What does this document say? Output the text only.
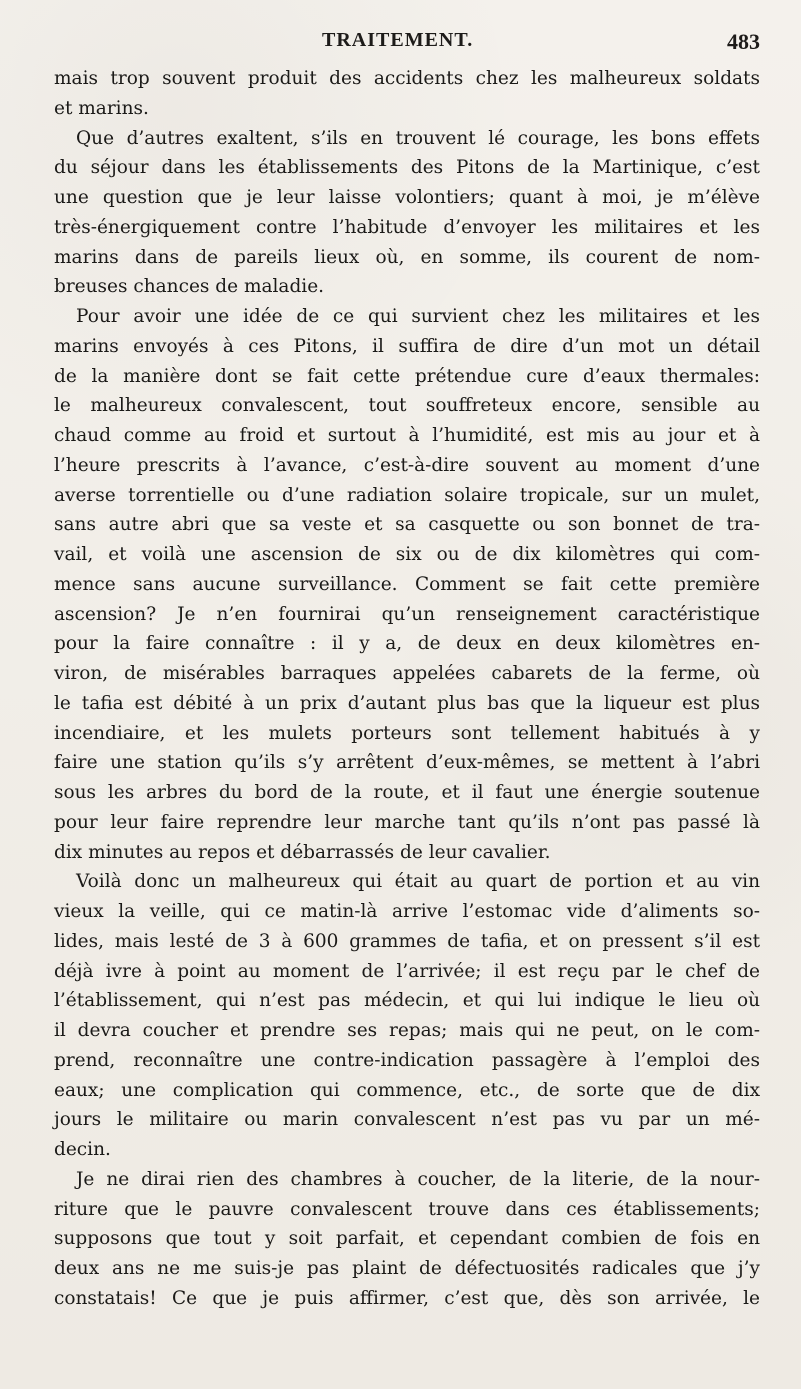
TRAITEMENT.	483
mais trop souvent produit des accidents chez les malheureux soldats
et marins.
Que d’autres exaltent, s’ils en trouvent lé courage, les bons effets
du séjour dans les établissements des Pitons de la Martinique, c’est
une question que je leur laisse volontiers; quant à moi, je m’élève
très-énergiquement contre l’habitude d’envoyer les militaires et les
marins dans de pareils lieux où, en somme, ils courent de nom-
breuses chances de maladie.
Pour avoir une idée de ce qui survient chez les militaires et les
marins envoyés à ces Pitons, il suffira de dire d’un mot un détail
de la manière dont se fait cette prétendue cure d’eaux thermales:
le malheureux convalescent, tout souffreteux encore, sensible au
chaud comme au froid et surtout à l’humidité, est mis au jour et à
l’heure prescrits à l’avance, c’est-à-dire souvent au moment d’une
averse torrentielle ou d’une radiation solaire tropicale, sur un mulet,
sans autre abri que sa veste et sa casquette ou son bonnet de tra-
vail, et voilà une ascension de six ou de dix kilomètres qui com-
mence sans aucune surveillance. Comment se fait cette première
ascension? Je n’en fournirai qu’un renseignement caractéristique
pour la faire connaître : il y a, de deux en deux kilomètres en-
viron, de misérables barraques appelées cabarets de la ferme, où
le tafia est débité à un prix d’autant plus bas que la liqueur est plus
incendiaire, et les mulets porteurs sont tellement habitués à y
faire une station qu’ils s’y arrêtent d’eux-mêmes, se mettent à l’abri
sous les arbres du bord de la route, et il faut une énergie soutenue
pour leur faire reprendre leur marche tant qu’ils n’ont pas passé là
dix minutes au repos et débarrassés de leur cavalier.
Voilà donc un malheureux qui était au quart de portion et au vin
vieux la veille, qui ce matin-là arrive l’estomac vide d’aliments so-
lides, mais lesté de 3 à 600 grammes de tafia, et on pressent s’il est
déjà ivre à point au moment de l’arrivée; il est reçu par le chef de
l’établissement, qui n’est pas médecin, et qui lui indique le lieu où
il devra coucher et prendre ses repas; mais qui ne peut, on le com-
prend, reconnaître une contre-indication passagère à l’emploi des
eaux; une complication qui commence, etc., de sorte que de dix
jours le militaire ou marin convalescent n’est pas vu par un mé-
decin.
Je ne dirai rien des chambres à coucher, de la literie, de la nour-
riture que le pauvre convalescent trouve dans ces établissements;
supposons que tout y soit parfait, et cependant combien de fois en
deux ans ne me suis-je pas plaint de défectuosités radicales que j’y
constatais! Ce que je puis affirmer, c’est que, dès son arrivée, le
